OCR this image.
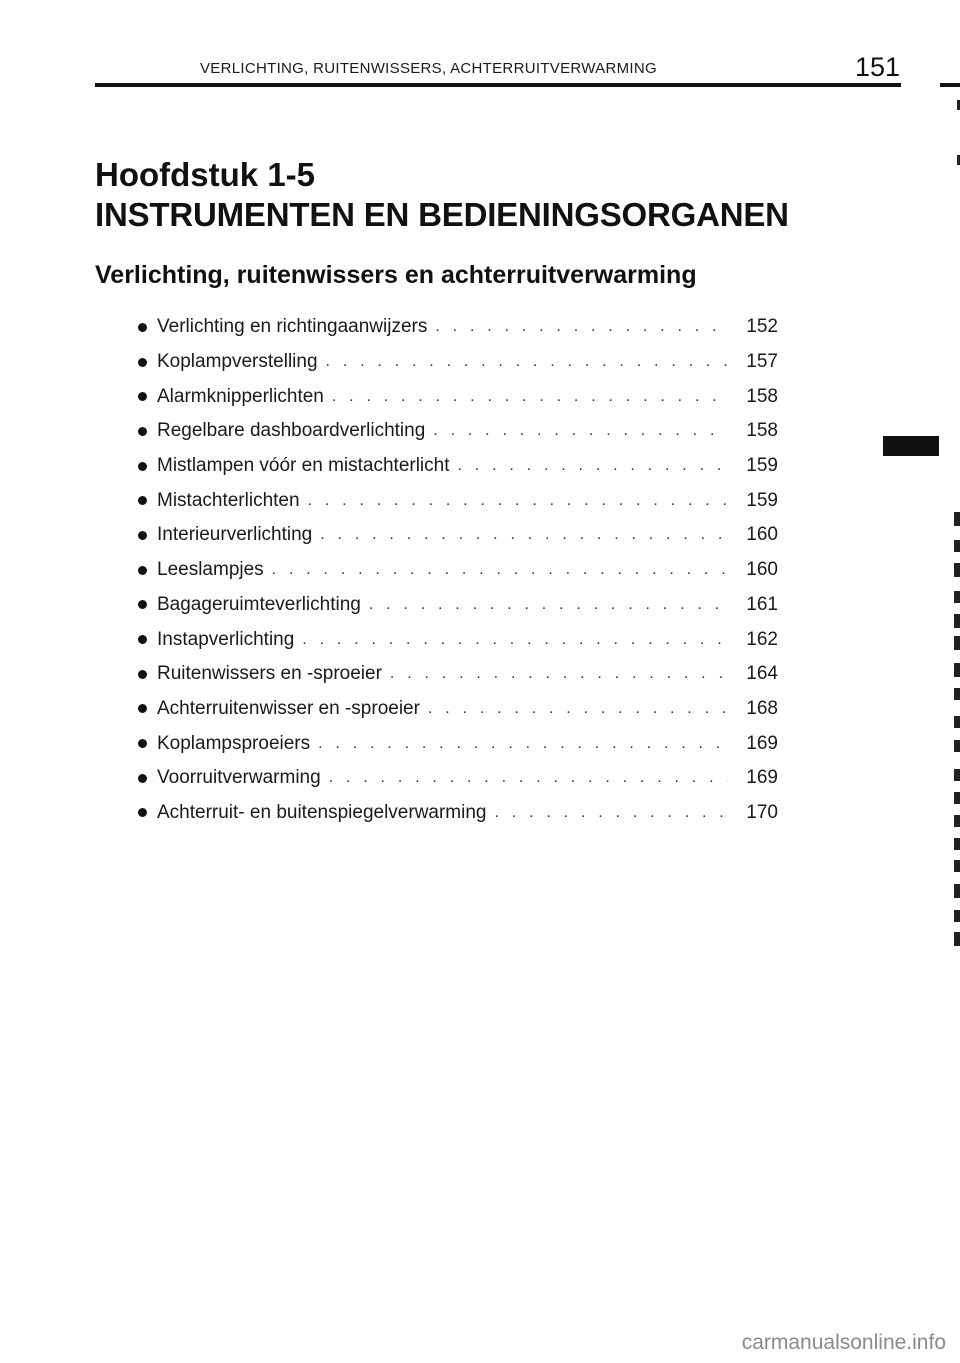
VERLICHTING, RUITENWISSERS, ACHTERRUITVERWARMING	151
Hoofdstuk 1-5
INSTRUMENTEN EN BEDIENINGSORGANEN
Verlichting, ruitenwissers en achterruitverwarming
Verlichting en richtingaanwijzers . . .	152
Koplampverstelling . . .	157
Alarmknipperlichten . . .	158
Regelbare dashboardverlichting . . .	158
Mistlampen vóór en mistachterlicht . . .	159
Mistachterlichten . . .	159
Interieurverlichting . . .	160
Leeslampjes . . .	160
Bagageruimteverlichting . . .	161
Instapverlichting . . .	162
Ruitenwissers en -sproeier . . .	164
Achterruitenwisser en -sproeier . . .	168
Koplampsproeiers . . .	169
Voorruitverwarming . . .	169
Achterruit- en buitenspiegelverwarming . . .	170
carmanualsonline.info
